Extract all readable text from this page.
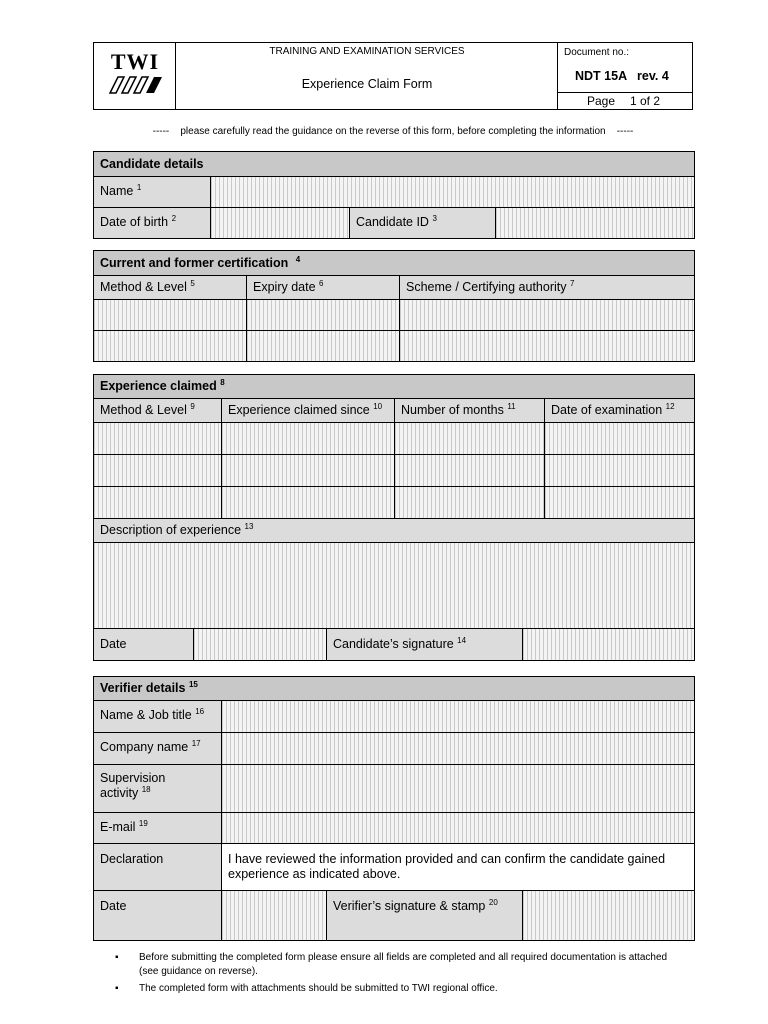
TWI	TRAINING AND EXAMINATION SERVICES
Experience Claim Form
Document no.:
NDT 15A   rev. 4
Page 1 of 2
-----    please carefully read the guidance on the reverse of this form, before completing the information    -----
Candidate details
Name $^1$
Date of birth $^2$	Candidate ID $^3$
Current and former certification $^4$
Method & Level $^5$	Expiry date $^6$	Scheme / Certifying authority $^7$
Experience claimed $^8$
Method & Level $^9$	Experience claimed since $^{10}$	Number of months $^{11}$	Date of examination $^{12}$
Description of experience $^{13}$
Date	Candidate’s signature $^{14}$
Verifier details $^{15}$
Name & Job title $^{16}$
Company name $^{17}$
Supervision activity $^{18}$
E-mail $^{19}$
Declaration	I have reviewed the information provided and can confirm the candidate gained experience as indicated above.
Date	Verifier’s signature & stamp $^{20}$
▪ Before submitting the completed form please ensure all fields are completed and all required documentation is attached (see guidance on reverse).
▪ The completed form with attachments should be submitted to TWI regional office.
